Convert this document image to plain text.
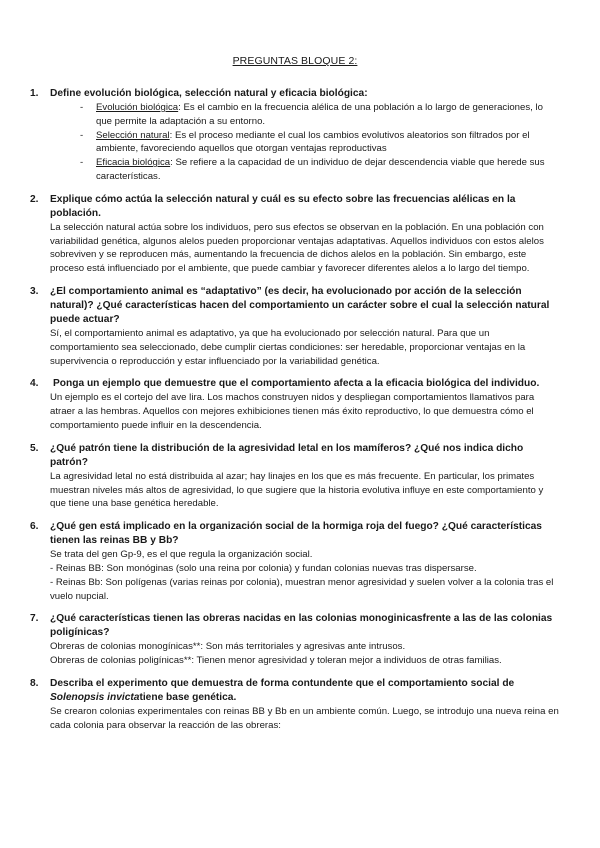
PREGUNTAS BLOQUE 2:
1. Define evolución biológica, selección natural y eficacia biológica:
- Evolución biológica: Es el cambio en la frecuencia alélica de una población a lo largo de generaciones, lo que permite la adaptación a su entorno.
- Selección natural: Es el proceso mediante el cual los cambios evolutivos aleatorios son filtrados por el ambiente, favoreciendo aquellos que otorgan ventajas reproductivas
- Eficacia biológica: Se refiere a la capacidad de un individuo de dejar descendencia viable que herede sus características.
2. Explique cómo actúa la selección natural y cuál es su efecto sobre las frecuencias alélicas en la población.
La selección natural actúa sobre los individuos, pero sus efectos se observan en la población. En una población con variabilidad genética, algunos alelos pueden proporcionar ventajas adaptativas. Aquellos individuos con estos alelos sobreviven y se reproducen más, aumentando la frecuencia de dichos alelos en la población. Sin embargo, este proceso está influenciado por el ambiente, que puede cambiar y favorecer diferentes alelos a lo largo del tiempo.
3. ¿El comportamiento animal es “adaptativo” (es decir, ha evolucionado por acción de la selección natural)? ¿Qué características hacen del comportamiento un carácter sobre el cual la selección natural puede actuar?
Sí, el comportamiento animal es adaptativo, ya que ha evolucionado por selección natural. Para que un comportamiento sea seleccionado, debe cumplir ciertas condiciones: ser heredable, proporcionar ventajas en la supervivencia o reproducción y estar influenciado por la variabilidad genética.
4. Ponga un ejemplo que demuestre que el comportamiento afecta a la eficacia biológica del individuo.
Un ejemplo es el cortejo del ave lira. Los machos construyen nidos y despliegan comportamientos llamativos para atraer a las hembras. Aquellos con mejores exhibiciones tienen más éxito reproductivo, lo que demuestra cómo el comportamiento puede influir en la descendencia.
5. ¿Qué patrón tiene la distribución de la agresividad letal en los mamíferos? ¿Qué nos indica dicho patrón?
La agresividad letal no está distribuida al azar; hay linajes en los que es más frecuente. En particular, los primates muestran niveles más altos de agresividad, lo que sugiere que la historia evolutiva influye en este comportamiento y que tiene una base genética heredable.
6. ¿Qué gen está implicado en la organización social de la hormiga roja del fuego? ¿Qué características tienen las reinas BB y Bb?
Se trata del gen Gp-9, es el que regula la organización social.
- Reinas BB: Son monóginas (solo una reina por colonia) y fundan colonias nuevas tras dispersarse.
- Reinas Bb: Son polígenas (varias reinas por colonia), muestran menor agresividad y suelen volver a la colonia tras el vuelo nupcial.
7. ¿Qué características tienen las obreras nacidas en las colonias monoginicasfrente a las de las colonias poligínicas?
Obreras de colonias monogínicas**: Son más territoriales y agresivas ante intrusos.
Obreras de colonias poligínicas**: Tienen menor agresividad y toleran mejor a individuos de otras familias.
8. Describa el experimento que demuestra de forma contundente que el comportamiento social de Solenopsis invictatiene base genética.
Se crearon colonias experimentales con reinas BB y Bb en un ambiente común. Luego, se introdujo una nueva reina en cada colonia para observar la reacción de las obreras:
